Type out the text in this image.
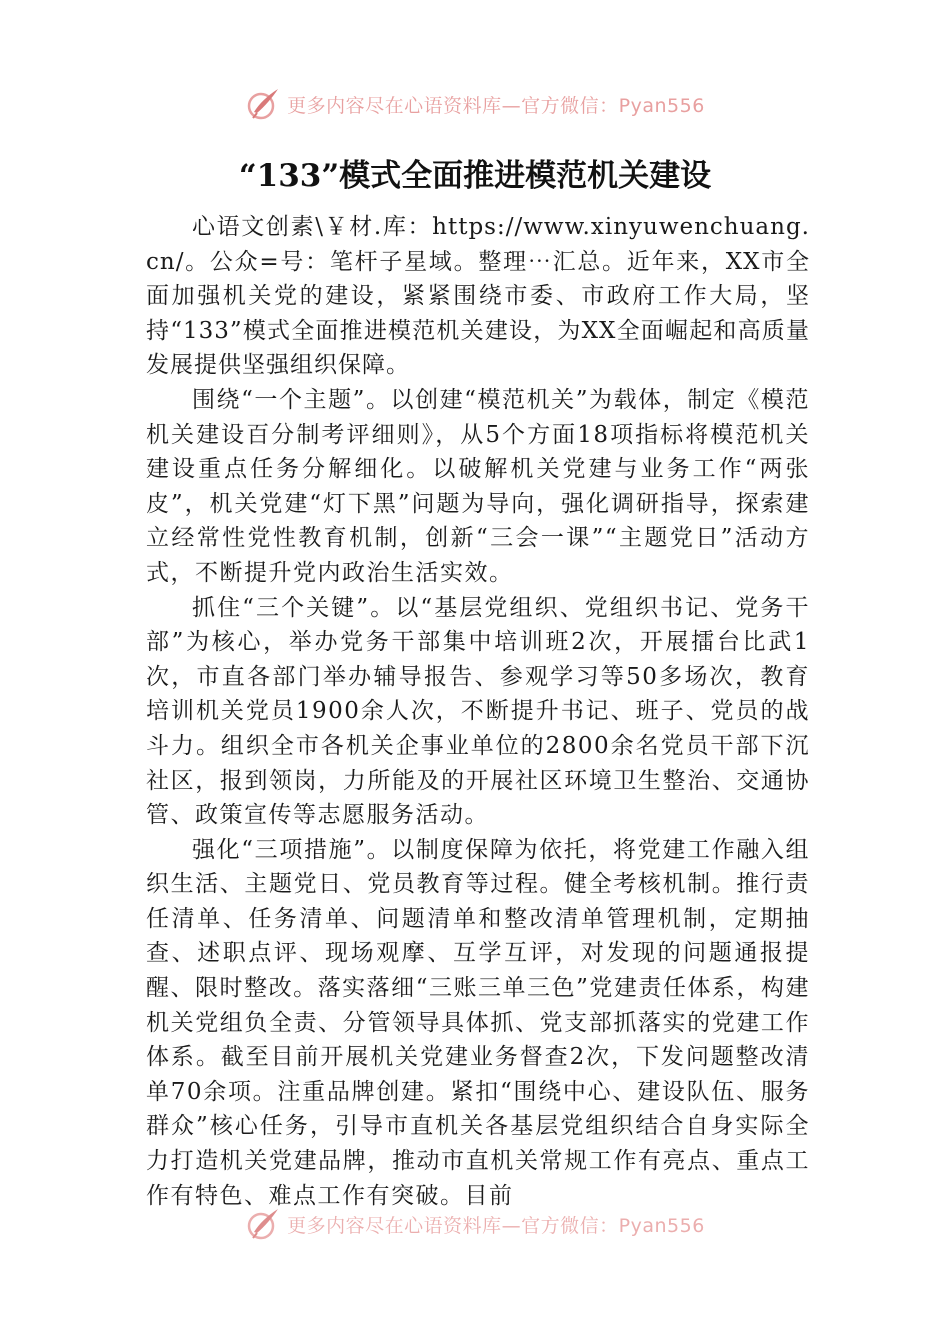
更多内容尽在心语资料库—官方微信：Pyan556
“133”模式全面推进模范机关建设

心语文创素\￥材.库：https://www.xinyuwenchuang.cn/。公众=号：笔杆子星域。整理⋯汇总。近年来，XX市全面加强机关党的建设，紧紧围绕市委、市政府工作大局，坚持“133”模式全面推进模范机关建设，为XX全面崛起和高质量发展提供坚强组织保障。

围绕“一个主题”。以创建“模范机关”为载体，制定《模范机关建设百分制考评细则》，从5个方面18项指标将模范机关建设重点任务分解细化。以破解机关党建与业务工作“两张皮”，机关党建“灯下黑”问题为导向，强化调研指导，探索建立经常性党性教育机制，创新“三会一课”“主题党日”活动方式，不断提升党内政治生活实效。

抓住“三个关键”。以“基层党组织、党组织书记、党务干部”为核心，举办党务干部集中培训班2次，开展擂台比武1次，市直各部门举办辅导报告、参观学习等50多场次，教育培训机关党员1900余人次，不断提升书记、班子、党员的战斗力。组织全市各机关企事业单位的2800余名党员干部下沉社区，报到领岗，力所能及的开展社区环境卫生整治、交通协管、政策宣传等志愿服务活动。

强化“三项措施”。以制度保障为依托，将党建工作融入组织生活、主题党日、党员教育等过程。健全考核机制。推行责任清单、任务清单、问题清单和整改清单管理机制，定期抽查、述职点评、现场观摩、互学互评，对发现的问题通报提醒、限时整改。落实落细“三账三单三色”党建责任体系，构建机关党组负全责、分管领导具体抓、党支部抓落实的党建工作体系。截至目前开展机关党建业务督查2次，下发问题整改清单70余项。注重品牌创建。紧扣“围绕中心、建设队伍、服务群众”核心任务，引导市直机关各基层党组织结合自身实际全力打造机关党建品牌，推动市直机关常规工作有亮点、重点工作有特色、难点工作有突破。目前

更多内容尽在心语资料库—官方微信：Pyan556
